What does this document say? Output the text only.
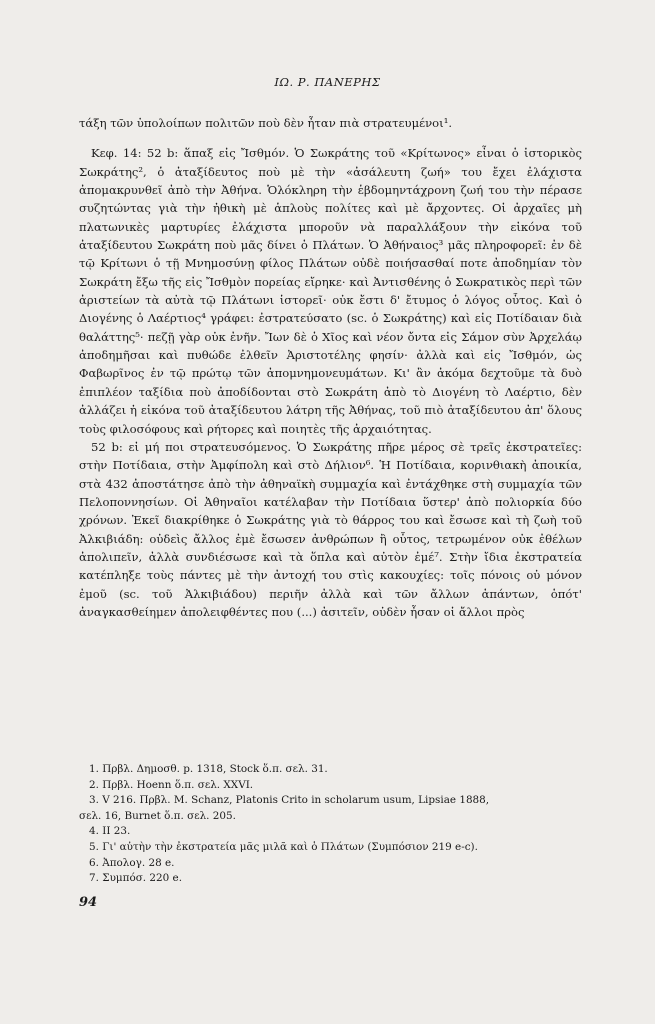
ΙΩ. Ρ. ΠΑΝΕΡΗΣ

τάξη τῶν ὑπολοίπων πολιτῶν ποὺ δὲν ἦταν πιὰ στρατευμένοι¹.

Κεφ. 14: 52 b: ἅπαξ εἰς Ἴσθμόν. Ὁ Σωκράτης τοῦ «Κρίτωνος» εἶναι ὁ ἱστορικὸς Σωκράτης², ὁ ἀταξίδευτος ποὺ μὲ τὴν «ἀσάλευτη ζωή» του ἔχει ἐλάχιστα ἀπομακρυνθεῖ ἀπὸ τὴν Ἀθήνα. Ὁλόκληρη τὴν ἑβδομηντάχρονη ζωή του τὴν πέρασε συζητώντας γιὰ τὴν ἠθικὴ μὲ ἁπλοὺς πολίτες καὶ μὲ ἄρχοντες. Οἱ ἀρχαῖες μὴ πλατωνικὲς μαρτυρίες ἐλάχιστα μποροῦν νὰ παραλλάξουν τὴν εἰκόνα τοῦ ἀταξίδευτου Σωκράτη ποὺ μᾶς δίνει ὁ Πλάτων. Ὁ Ἀθήναιος³ μᾶς πληροφορεῖ: ἐν δὲ τῷ Κρίτωνι ὁ τῇ Μνημοσύνῃ φίλος Πλάτων οὐδὲ ποιήσασθαί ποτε ἀποδημίαν τὸν Σωκράτη ἔξω τῆς εἰς Ἴσθμὸν πορείας εἴρηκε· καὶ Ἀντισθένης ὁ Σωκρατικὸς περὶ τῶν ἀριστείων τὰ αὐτὰ τῷ Πλάτωνι ἱστορεῖ· οὐκ ἔστι δ' ἔτυμος ὁ λόγος οὗτος. Καὶ ὁ Διογένης ὁ Λαέρτιος⁴ γράφει: ἐστρατεύσατο (sc. ὁ Σωκράτης) καὶ εἰς Ποτίδαιαν διὰ θαλάττης⁵· πεζῇ γὰρ οὐκ ἐνῆν. Ἴων δὲ ὁ Χῖος καὶ νέον ὄντα εἰς Σάμον σὺν Ἀρχελάῳ ἀποδημῆσαι καὶ πυθώδε ἐλθεῖν Ἀριστοτέλης φησίν· ἀλλὰ καὶ εἰς Ἴσθμόν, ὡς Φαβωρῖνος ἐν τῷ πρώτῳ τῶν ἀπομνημονευμάτων. Κι' ἂν ἀκόμα δεχτοῦμε τὰ δυὸ ἐπιπλέον ταξίδια ποὺ ἀποδίδονται στὸ Σωκράτη ἀπὸ τὸ Διογένη τὸ Λαέρτιο, δὲν ἀλλάζει ἡ εἰκόνα τοῦ ἀταξίδευτου λάτρη τῆς Ἀθήνας, τοῦ πιὸ ἀταξίδευτου ἀπ' ὅλους τοὺς φιλοσόφους καὶ ρήτορες καὶ ποιητὲς τῆς ἀρχαιότητας.

52 b: εἰ μή ποι στρατευσόμενος. Ὁ Σωκράτης πῆρε μέρος σὲ τρεῖς ἐκστρατεῖες: στὴν Ποτίδαια, στὴν Ἀμφίπολη καὶ στὸ Δήλιον⁶. Ἡ Ποτίδαια, κορινθιακὴ ἀποικία, στὰ 432 ἀποστάτησε ἀπὸ τὴν ἀθηναϊκὴ συμμαχία καὶ ἐντάχθηκε στὴ συμμαχία τῶν Πελοποννησίων. Οἱ Ἀθηναῖοι κατέλαβαν τὴν Ποτίδαια ὕστερ' ἀπὸ πολιορκία δύο χρόνων. Ἐκεῖ διακρίθηκε ὁ Σωκράτης γιὰ τὸ θάρρος του καὶ ἔσωσε καὶ τὴ ζωὴ τοῦ Ἀλκιβιάδη: οὐδεὶς ἄλλος ἐμὲ ἔσωσεν ἀνθρώπων ἢ οὗτος, τετρωμένον οὐκ ἐθέλων ἀπολιπεῖν, ἀλλὰ συνδιέσωσε καὶ τὰ ὅπλα καὶ αὐτὸν ἐμέ⁷. Στὴν ἴδια ἐκστρατεία κατέπληξε τοὺς πάντες μὲ τὴν ἀντοχή του στὶς κακουχίες: τοῖς πόνοις οὐ μόνον ἐμοῦ (sc. τοῦ Ἀλκιβιάδου) περιῆν ἀλλὰ καὶ τῶν ἄλλων ἁπάντων, ὁπότ' ἀναγκασθείημεν ἀπολειφθέντες που (...) ἀσιτεῖν, οὐδὲν ἦσαν οἱ ἄλλοι πρὸς

1. Πρβλ. Δημοσθ. p. 1318, Stock ὅ.π. σελ. 31.
2. Πρβλ. Hoenn ὅ.π. σελ. XXVI.
3. V 216. Πρβλ. M. Schanz, Platonis Crito in scholarum usum, Lipsiae 1888,
σελ. 16, Burnet ὅ.π. σελ. 205.
4. ΙΙ 23.
5. Γι' αὐτὴν τὴν ἐκστρατεία μᾶς μιλᾶ καὶ ὁ Πλάτων (Συμπόσιον 219 e-c).
6. Ἀπολογ. 28 e.
7. Συμπόσ. 220 e.
94
